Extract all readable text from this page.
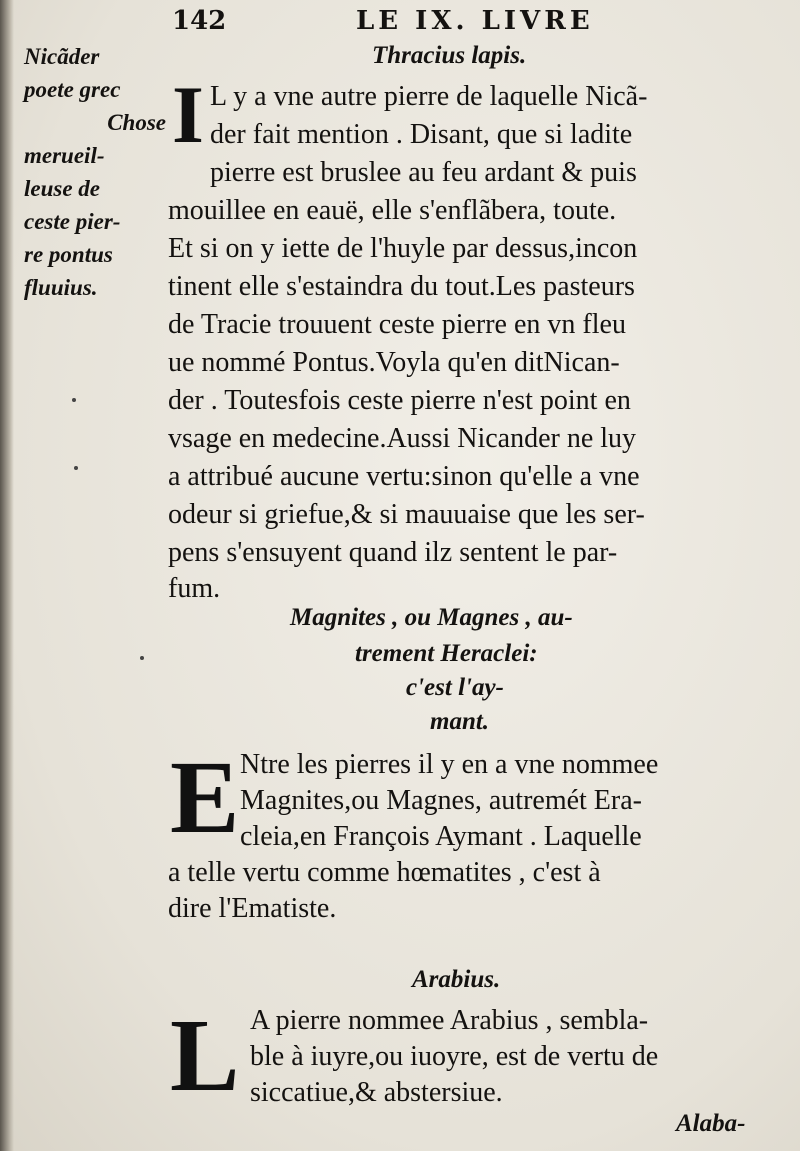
142	LE IX. LIVRE
Nicãder
poete grec
Chose
merueil-
leuse de
ceste pier-
re pontus
fluuius.
Thracius lapis.
I L y a vne autre pierre de laquelle Nicã-
der fait mention . Disant, que si ladite
pierre est bruslee au feu ardant & puis
mouillee en eauë, elle s'enflãbera, toute.
Et si on y iette de l'huyle par dessus,incon
tinent elle s'estaindra du tout.Les pasteurs
de Tracie trouuent ceste pierre en vn fleu
ue nommé Pontus.Voyla qu'en ditNican-
der . Toutesfois ceste pierre n'est point en
vsage en medecine.Aussi Nicander ne luy
a attribué aucune vertu:sinon qu'elle a vne
odeur si griefue,& si mauuaise que les ser-
pens s'ensuyent quand ilz sentent le par-
fum.
Magnites , ou Magnes , au-
trement Heraclei:
c'est l'ay-
mant.
E Ntre les pierres il y en a vne nommee
Magnites,ou Magnes, autremét Era-
cleia,en François Aymant . Laquelle
a telle vertu comme hœmatites , c'est à
dire l'Ematiste.
Arabius.
L A pierre nommee Arabius , sembla-
ble à iuyre,ou iuoyre, est de vertu de
siccatiue,& abstersiue.
Alaba-
